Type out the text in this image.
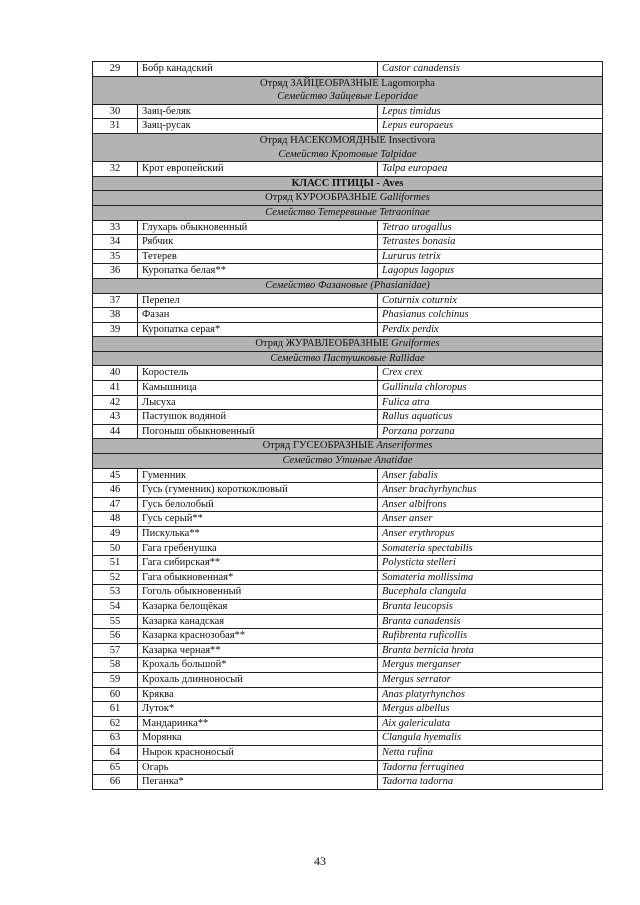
29	Бобр канадский	Castor canadensis

Отряд ЗАЙЦЕОБРАЗНЫЕ Lagomorpha
Семейство Зайцевые Leporidae		

30	Заяц-беляк	Lepus timidus
31	Заяц-русак	Lepus europaeus

Отряд НАСЕКОМОЯДНЫЕ Insectivora
Семейство Кротовые Talpidae		

32	Крот европейский	Talpa europaea
КЛАСС ПТИЦЫ - Aves		

Отряд КУРООБРАЗНЫЕ Galliformes		

Семейство Тетеревиные Tetraoninae		

33	Глухарь обыкновенный	Tetrao urogallus
34	Рябчик	Tetrastes bonasia
35	Тетерев	Lururus tetrix
36	Куропатка белая**	Lagopus lagopus

Семейство Фазановые (Phasianidae)		

37	Перепел	Coturnix coturnix
38	Фазан	Phasianus colchinus
39	Куропатка серая*	Perdix perdix

Отряд ЖУРАВЛЕОБРАЗНЫЕ Gruiformes		

Семейство Пастушковые Rallidae		

40	Коростель	Crex crex
41	Камышница	Gullinula chloropus
42	Лысуха	Fulica atra
43	Пастушок водяной	Rallus aquaticus
44	Погоныш обыкновенный	Porzana porzana

Отряд ГУСЕОБРАЗНЫЕ Anseriformes		

Семейство Утиные Anatidae		

45	Гуменник	Anser fabalis
46	Гусь (гуменник) короткоклювый	Anser brachyrhynchus
47	Гусь белолобый	Anser albifrons
48	Гусь серый**	Anser anser
49	Пискулька**	Anser erythropus
50	Гага гребенушка	Somateria spectabilis
51	Гага сибирская**	Polysticta stelleri
52	Гага обыкновенная*	Somateria mollissima
53	Гоголь обыкновенный	Bucephala clangula
54	Казарка белощёкая	Branta leucopsis
55	Казарка канадская	Branta canadensis
56	Казарка краснозобая**	Rufibrenta ruficollis
57	Казарка черная**	Branta bernicia hrota
58	Крохаль большой*	Mergus merganser
59	Крохаль длинноносый	Mergus serrator
60	Кряква	Anas platyrhynchos
61	Луток*	Mergus albellus
62	Мандаринка**	Aix galericulata
63	Морянка	Clangula hyemalis
64	Нырок красноносый	Netta rufina
65	Огарь	Tadorna ferruginea
66	Пеганка*	Tadorna tadorna
43
